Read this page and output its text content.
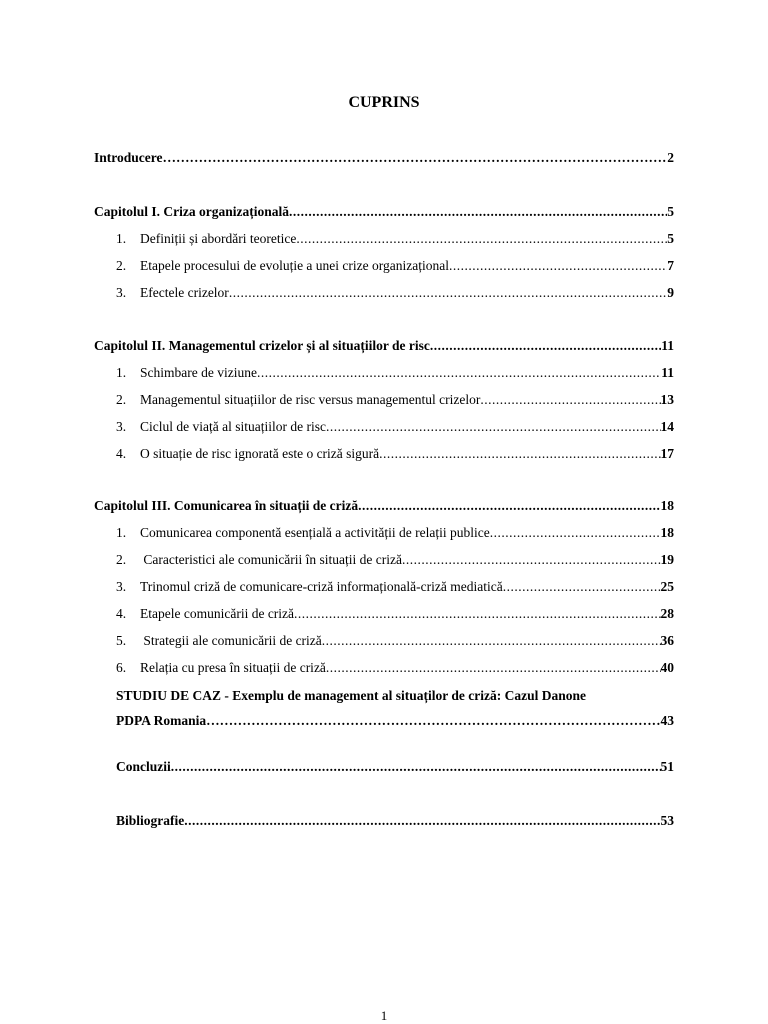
CUPRINS
Introducere ………………………………………………………………………………………………………………………………………………………………………	2
Capitolul I. Criza organizațională .....	5
1.	Definiții și abordări teoretice .....	5
2.	Etapele procesului de evoluție a unei crize organizațional .....	7
3.	Efectele crizelor .....	9
Capitolul II. Managementul crizelor și al situațiilor de risc .....	11
1.	Schimbare de viziune .....	11
2.	Managementul situațiilor de risc versus managementul crizelor .....	13
3.	Ciclul de viață al situațiilor de risc .....	14
4.	O situație de risc ignorată este o criză sigură .....	17
Capitolul III. Comunicarea în situații de criză .....	18
1.	Comunicarea componentă esențială a activității de relații publice .....	18
2.	Caracteristici ale comunicării în situații de criză .....	19
3.	Trinomul criză de comunicare-criză informațională-criză mediatică .....	25
4.	Etapele comunicării de criză .....	28
5.	Strategii ale comunicării de criză .....	36
6.	Relația cu presa în situații de criză .....	40
STUDIU DE CAZ - Exemplu de management al situaților de criză: Cazul Danone
PDPA Romania ………………………………………………………………………………………………………………………………………………………………………	43
Concluzii .....	51
Bibliografie .....	53
1
